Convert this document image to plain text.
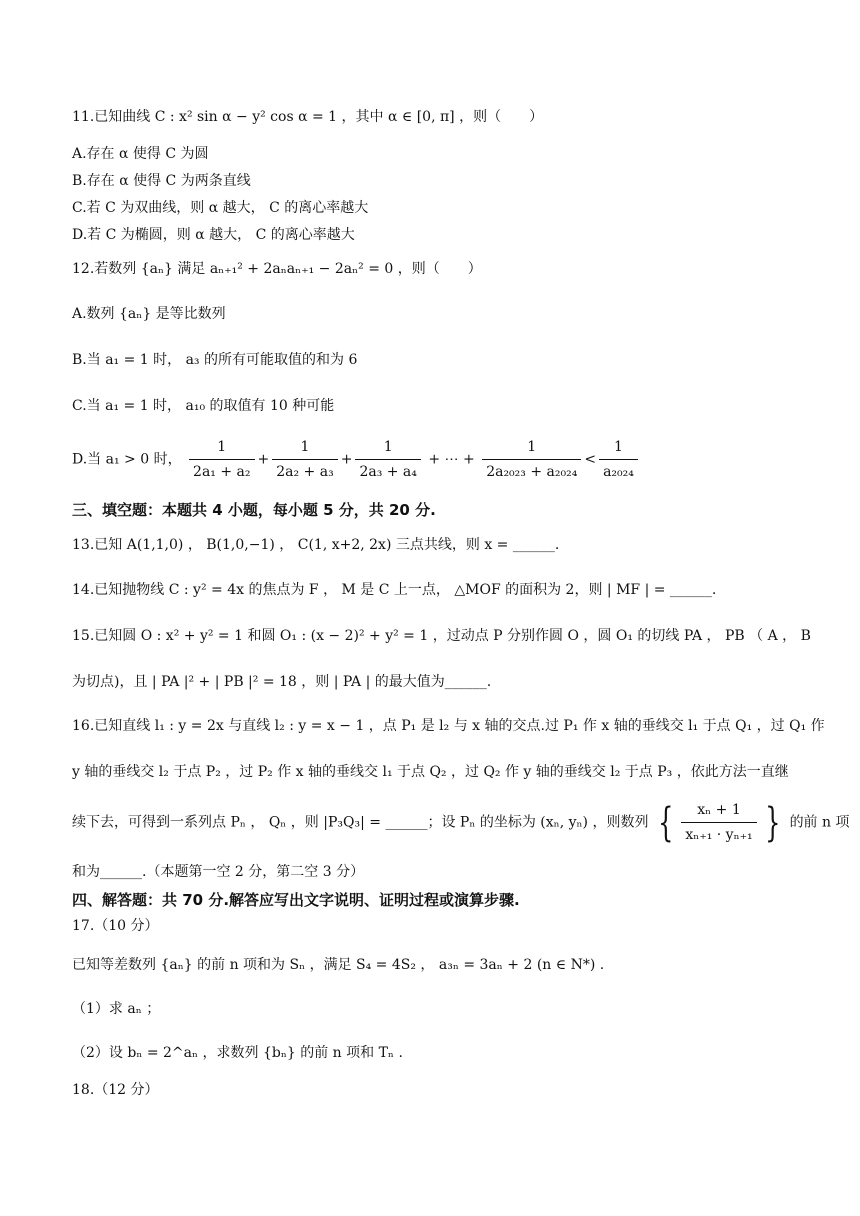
11.已知曲线 C : x² sin α − y² cos α = 1 ，其中 α ∈ [0, π] ，则（　　）
A.存在 α 使得 C 为圆
B.存在 α 使得 C 为两条直线
C.若 C 为双曲线，则 α 越大， C 的离心率越大
D.若 C 为椭圆，则 α 越大， C 的离心率越大
12.若数列 {aₙ} 满足 aₙ₊₁² + 2aₙaₙ₊₁ − 2aₙ² = 0 ，则（　　）
A.数列 {aₙ} 是等比数列
B.当 a₁ = 1 时， a₃ 的所有可能取值的和为 6
C.当 a₁ = 1 时， a₁₀ 的取值有 10 种可能
D.当 a₁ > 0 时， $\frac{1}{\text{2a₁ + a₂}} + \frac{1}{\text{2a₂ + a₃}} + \frac{1}{\text{2a₃ + a₄}}$ + ⋯ + $\frac{1}{\text{2a₂₀₂₃ + a₂₀₂₄}} < \frac{1}{\text{a₂₀₂₄}}$
三、填空题：本题共 4 小题，每小题 5 分，共 20 分.
13.已知 A(1,1,0) ， B(1,0,−1) ， C(1, x+2, 2x) 三点共线，则 x = ______.
14.已知抛物线 C : y² = 4x 的焦点为 F ， M 是 C 上一点， △MOF 的面积为 2，则 | MF | = ______.
15.已知圆 O : x² + y² = 1 和圆 O₁ : (x − 2)² + y² = 1 ，过动点 P 分别作圆 O ，圆 O₁ 的切线 PA ， PB （ A ， B
为切点)，且 | PA |² + | PB |² = 18 ，则 | PA | 的最大值为______.
16.已知直线 l₁ : y = 2x 与直线 l₂ : y = x − 1 ，点 P₁ 是 l₂ 与 x 轴的交点.过 P₁ 作 x 轴的垂线交 l₁ 于点 Q₁ ，过 Q₁ 作
y 轴的垂线交 l₂ 于点 P₂ ，过 P₂ 作 x 轴的垂线交 l₁ 于点 Q₂ ，过 Q₂ 作 y 轴的垂线交 l₂ 于点 P₃ ，依此方法一直继
续下去，可得到一系列点 Pₙ ， Qₙ ，则 |P₃Q₃| = ______；设 Pₙ 的坐标为 (xₙ, yₙ) ，则数列 { $\frac{\text{xₙ + 1}}{\text{xₙ₊₁ · yₙ₊₁}}$ } 的前 n 项
和为______.（本题第一空 2 分，第二空 3 分）
四、解答题：共 70 分.解答应写出文字说明、证明过程或演算步骤.
17.（10 分）
已知等差数列 {aₙ} 的前 n 项和为 Sₙ ，满足 S₄ = 4S₂ ， a₃ₙ = 3aₙ + 2 (n ∈ N*) .
（1）求 aₙ ；
（2）设 bₙ = 2^aₙ ，求数列 {bₙ} 的前 n 项和 Tₙ .
18.（12 分）
